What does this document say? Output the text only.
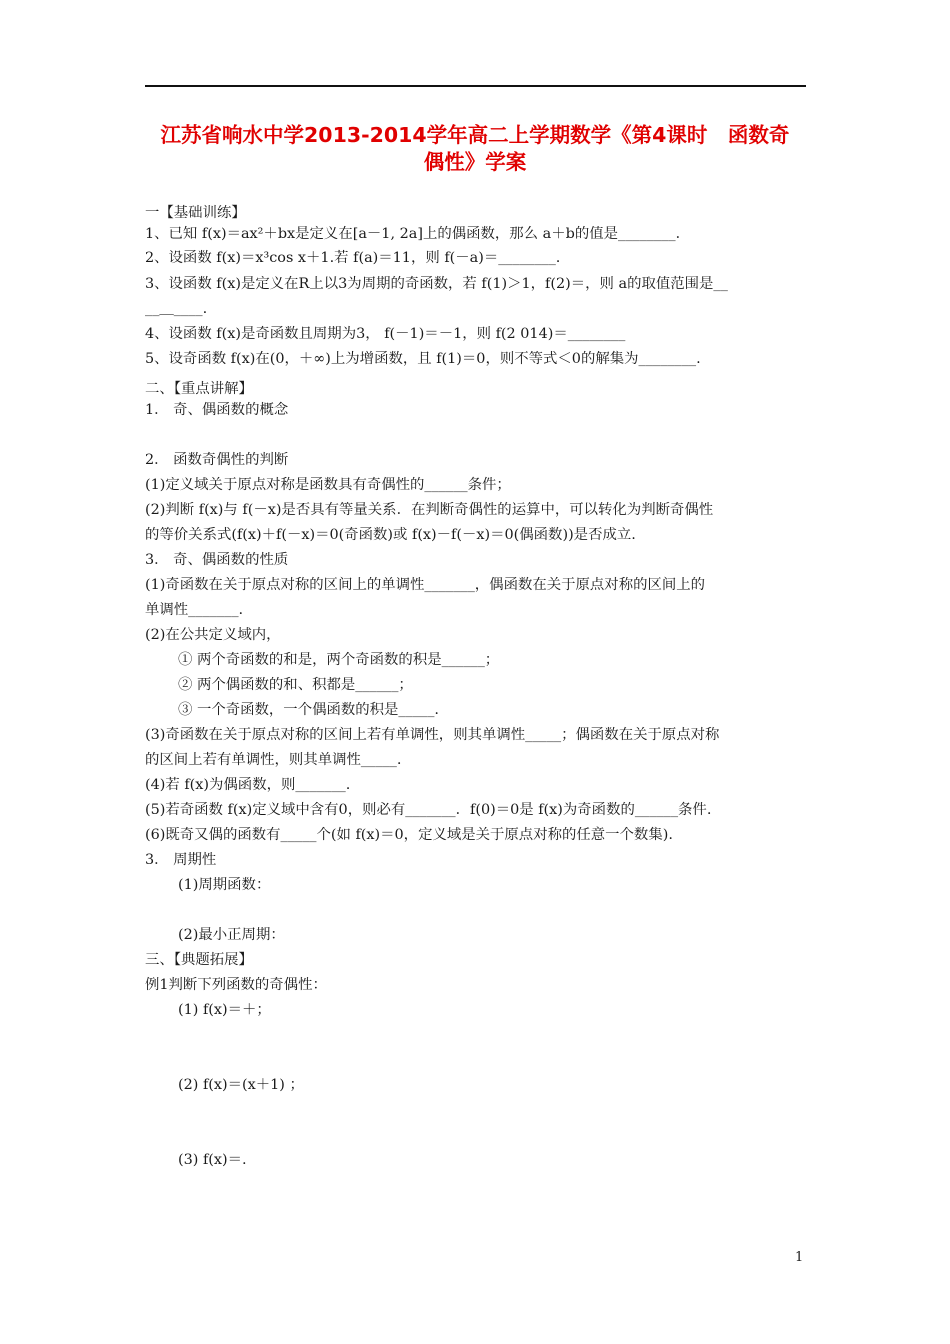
江苏省响水中学2013-2014学年高二上学期数学《第4课时　函数奇
偶性》学案
一【基础训练】
1、已知 f(x)＝ax²＋bx是定义在[a－1, 2a]上的偶函数，那么 a＋b的值是________．
2、设函数 f(x)＝x³cos x＋1.若 f(a)＝11，则 f(－a)＝________.
3、设函数 f(x)是定义在R上以3为周期的奇函数，若 f(1)＞1，f(2)＝，则 a的取值范围是__
__＿____.
4、设函数 f(x)是奇函数且周期为3， f(－1)＝－1，则 f(2 014)＝________
5、设奇函数 f(x)在(0，＋∞)上为增函数，且 f(1)＝0，则不等式＜0的解集为________.
二、【重点讲解】
1． 奇、偶函数的概念
2． 函数奇偶性的判断
(1)定义域关于原点对称是函数具有奇偶性的______条件；
(2)判断 f(x)与 f(－x)是否具有等量关系．在判断奇偶性的运算中，可以转化为判断奇偶性
的等价关系式(f(x)＋f(－x)＝0(奇函数)或 f(x)－f(－x)＝0(偶函数))是否成立.
3． 奇、偶函数的性质
(1)奇函数在关于原点对称的区间上的单调性_______，偶函数在关于原点对称的区间上的
单调性_______.
(2)在公共定义域内，
① 两个奇函数的和是，两个奇函数的积是______；
② 两个偶函数的和、积都是______；
③ 一个奇函数，一个偶函数的积是_____.
(3)奇函数在关于原点对称的区间上若有单调性，则其单调性_____；偶函数在关于原点对称
的区间上若有单调性，则其单调性_____.
(4)若 f(x)为偶函数，则_______.
(5)若奇函数 f(x)定义域中含有0，则必有_______．f(0)＝0是 f(x)为奇函数的______条件.
(6)既奇又偶的函数有_____个(如 f(x)＝0，定义域是关于原点对称的任意一个数集).
3． 周期性
(1)周期函数：
(2)最小正周期：
三、【典题拓展】
例1判断下列函数的奇偶性：
(1) f(x)＝＋；
(2) f(x)＝(x＋1) ；
(3) f(x)＝.
1
